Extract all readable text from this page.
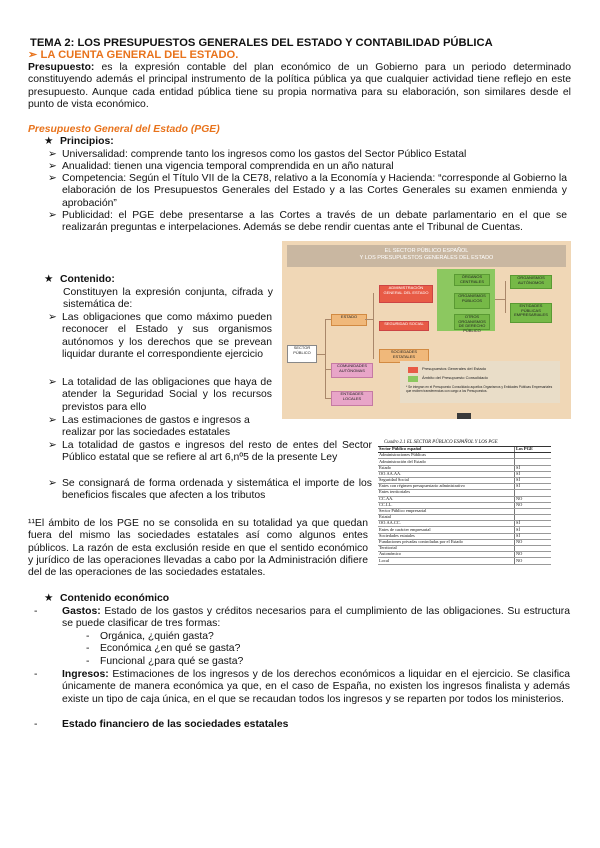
TEMA 2: LOS PRESUPUESTOS GENERALES DEL ESTADO Y CONTABILIDAD PÚBLICA
➢ LA CUENTA GENERAL DEL ESTADO.
Presupuesto: es la expresión contable del plan económico de un Gobierno para un periodo determinado constituyendo además el principal instrumento de la política pública ya que cualquier actividad tiene reflejo en este presupuesto. Aunque cada entidad pública tiene su propia normativa para su elaboración, son similares desde el punto de vista económico.
Presupuesto General del Estado (PGE)
★ Principios:
➢ Universalidad: comprende tanto los ingresos como los gastos del Sector Público Estatal
➢ Anualidad: tienen una vigencia temporal comprendida en un año natural
➢ Competencia: Según el Título VII de la CE78, relativo a la Economía y Hacienda: “corresponde al Gobierno la elaboración de los Presupuestos Generales del Estado y a las Cortes Generales su examen enmienda y aprobación”
➢ Publicidad: el PGE debe presentarse a las Cortes a través de un debate parlamentario en el que se realizarán preguntas e interpelaciones. Además se debe rendir cuentas ante el Tribunal de Cuentas.
EL SECTOR PÚBLICO ESPAÑOL
Y LOS PRESUPUESTOS GENERALES DEL ESTADO
SECTOR PÚBLICO
ESTADO
ADMINISTRACIÓN GENERAL DEL ESTADO
SEGURIDAD SOCIAL
SOCIEDADES ESTATALES
COMUNIDADES AUTÓNOMAS
ENTIDADES LOCALES
ÓRGANOS CENTRALES
ORGANISMOS PÚBLICOS
OTROS ORGANISMOS DE DERECHO PÚBLICO
ORGANISMOS AUTÓNOMOS
ENTIDADES PÚBLICAS EMPRESARIALES
Presupuestos Generales del Estado
Ámbito del Presupuesto Consolidado
* Se integran en el Presupuesto Consolidado aquellos Organismos y Entidades Públicas Empresariales que reciben transferencias con cargo a los Presupuestos.
★ Contenido:
Constituyen la expresión conjunta, cifrada y sistemática de:
➢ Las obligaciones que como máximo pueden reconocer el Estado y sus organismos autónomos y los derechos que se prevean liquidar durante el correspondiente ejercicio
➢ La totalidad de las obligaciones que haya de atender la Seguridad Social y los recursos previstos para ello
➢ Las estimaciones de gastos e ingresos a realizar por las sociedades estatales
➢ La totalidad de gastos e ingresos del resto de entes del Sector Público estatal que se refiere al art 6,nº5 de la presente Ley
➢ Se consignará de forma ordenada y sistemática el importe de los beneficios fiscales que afecten a los tributos
¹¹El ámbito de los PGE no se consolida en su totalidad ya que quedan fuera del mismo las sociedades estatales así como algunos entes públicos. La razón de esta exclusión reside en que el sentido económico y jurídico de las operaciones llevadas a cabo por la Administración difiere del de las operaciones de las sociedades estatales.
Cuadro 2.1 EL SECTOR PÚBLICO ESPAÑOL Y LOS PGE
Sector Público español	Los PGE
Administraciones Públicas	
Administración del Estado	
Estado	SÍ
OO.AA.AA.	SÍ
Seguridad Social	SÍ
Entes con régimen presupuestario administrativo	SÍ
Entes territoriales	
CC.AA.	NO
CC.LL.	NO
Sector Público empresarial	
Estatal	
OO.AA.CC.	SÍ
Entes de carácter empresarial	SÍ
Sociedades estatales	SÍ
Fundaciones privadas controladas por el Estado	NO
Territorial	
Autonómico	NO
Local	NO
★ Contenido económico
- Gastos: Estado de los gastos y créditos necesarios para el cumplimiento de las obligaciones. Su estructura se puede clasificar de tres formas:
- Orgánica, ¿quién gasta?
- Económica ¿en qué se gasta?
- Funcional ¿para qué se gasta?
- Ingresos: Estimaciones de los ingresos y de los derechos económicos a liquidar en el ejercicio. Se clasifica únicamente de manera económica ya que, en el caso de España, no existen los ingresos finalista y además existe un tipo de caja única, en el que se recaudan todos los ingresos y se reparten por todos los ministerios.
- Estado financiero de las sociedades estatales
